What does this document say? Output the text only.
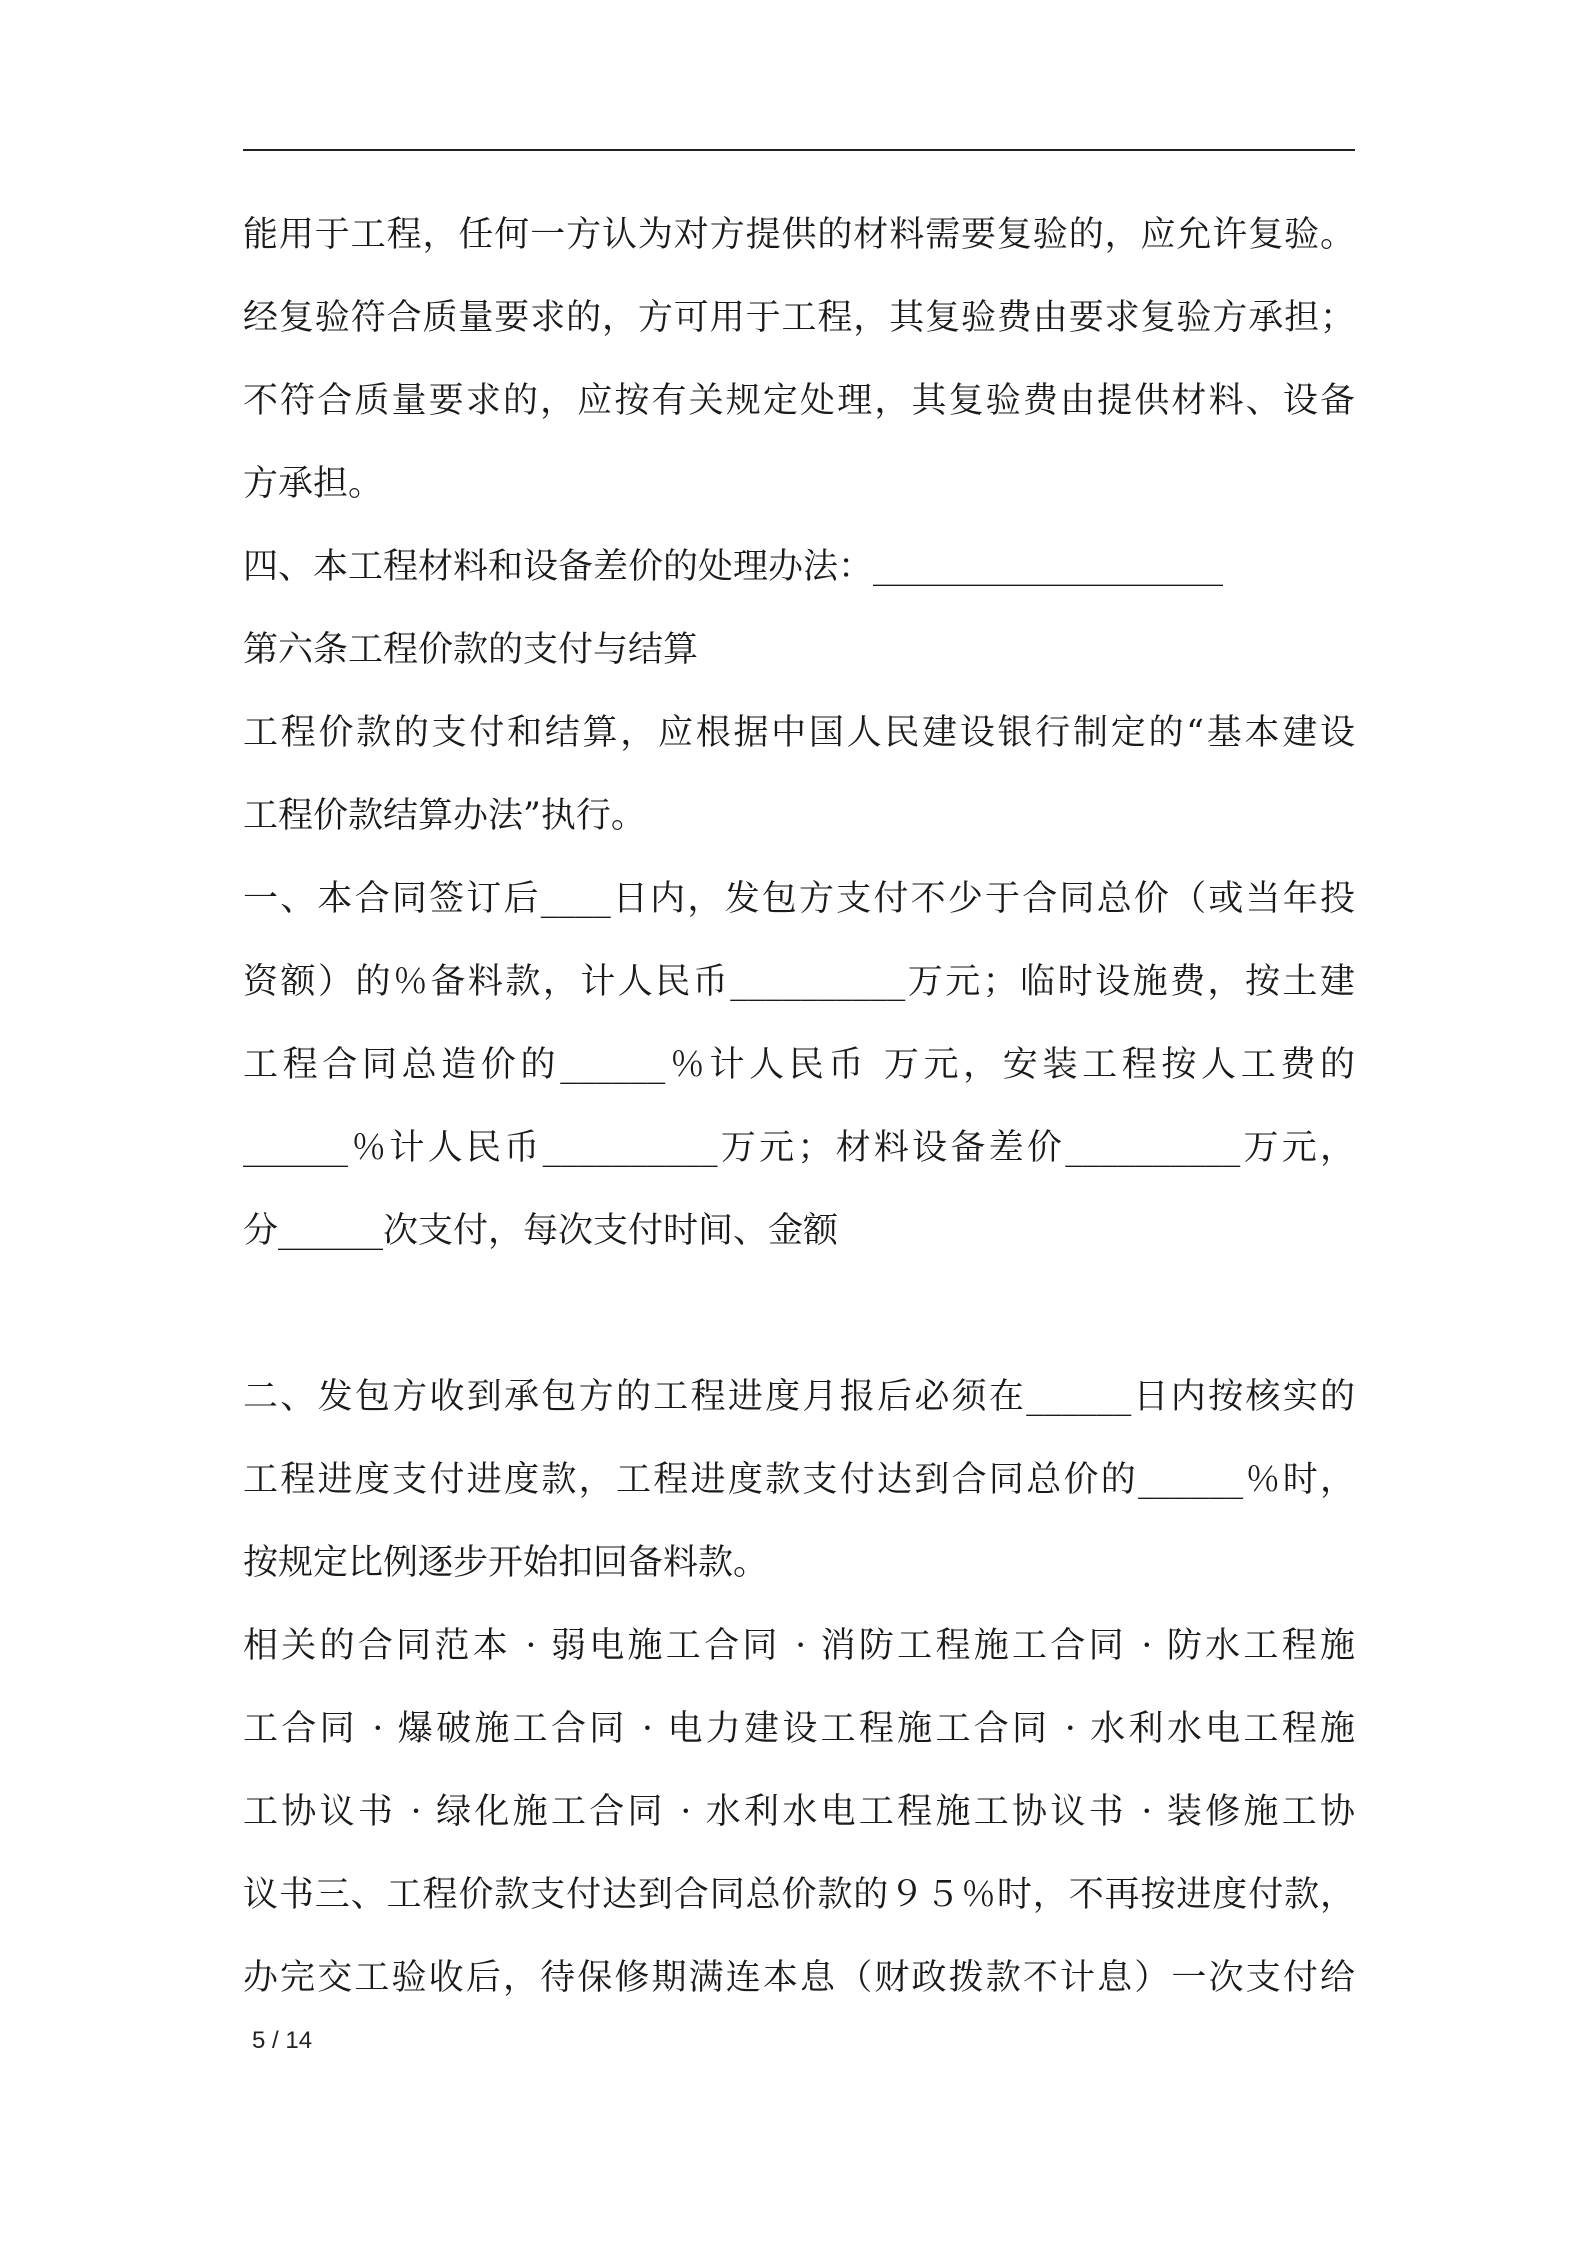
能用于工程，任何一方认为对方提供的材料需要复验的，应允许复验。
经复验符合质量要求的，方可用于工程，其复验费由要求复验方承担；
不符合质量要求的，应按有关规定处理，其复验费由提供材料、设备
方承担。
四、本工程材料和设备差价的处理办法：____________________
第六条工程价款的支付与结算
工程价款的支付和结算，应根据中国人民建设银行制定的“基本建设
工程价款结算办法”执行。
一、本合同签订后____日内，发包方支付不少于合同总价（或当年投
资额）的％备料款，计人民币__________万元；临时设施费，按土建
工程合同总造价的______％计人民币 万元，安装工程按人工费的
______％计人民币__________万元；材料设备差价__________万元，
分______次支付，每次支付时间、金额
二、发包方收到承包方的工程进度月报后必须在______日内按核实的
工程进度支付进度款，工程进度款支付达到合同总价的______％时，
按规定比例逐步开始扣回备料款。
相关的合同范本 · 弱电施工合同 · 消防工程施工合同 · 防水工程施
工合同 · 爆破施工合同 · 电力建设工程施工合同 · 水利水电工程施
工协议书 · 绿化施工合同 · 水利水电工程施工协议书 · 装修施工协
议书三、工程价款支付达到合同总价款的９５％时，不再按进度付款，
办完交工验收后，待保修期满连本息（财政拨款不计息）一次支付给
5 / 14
